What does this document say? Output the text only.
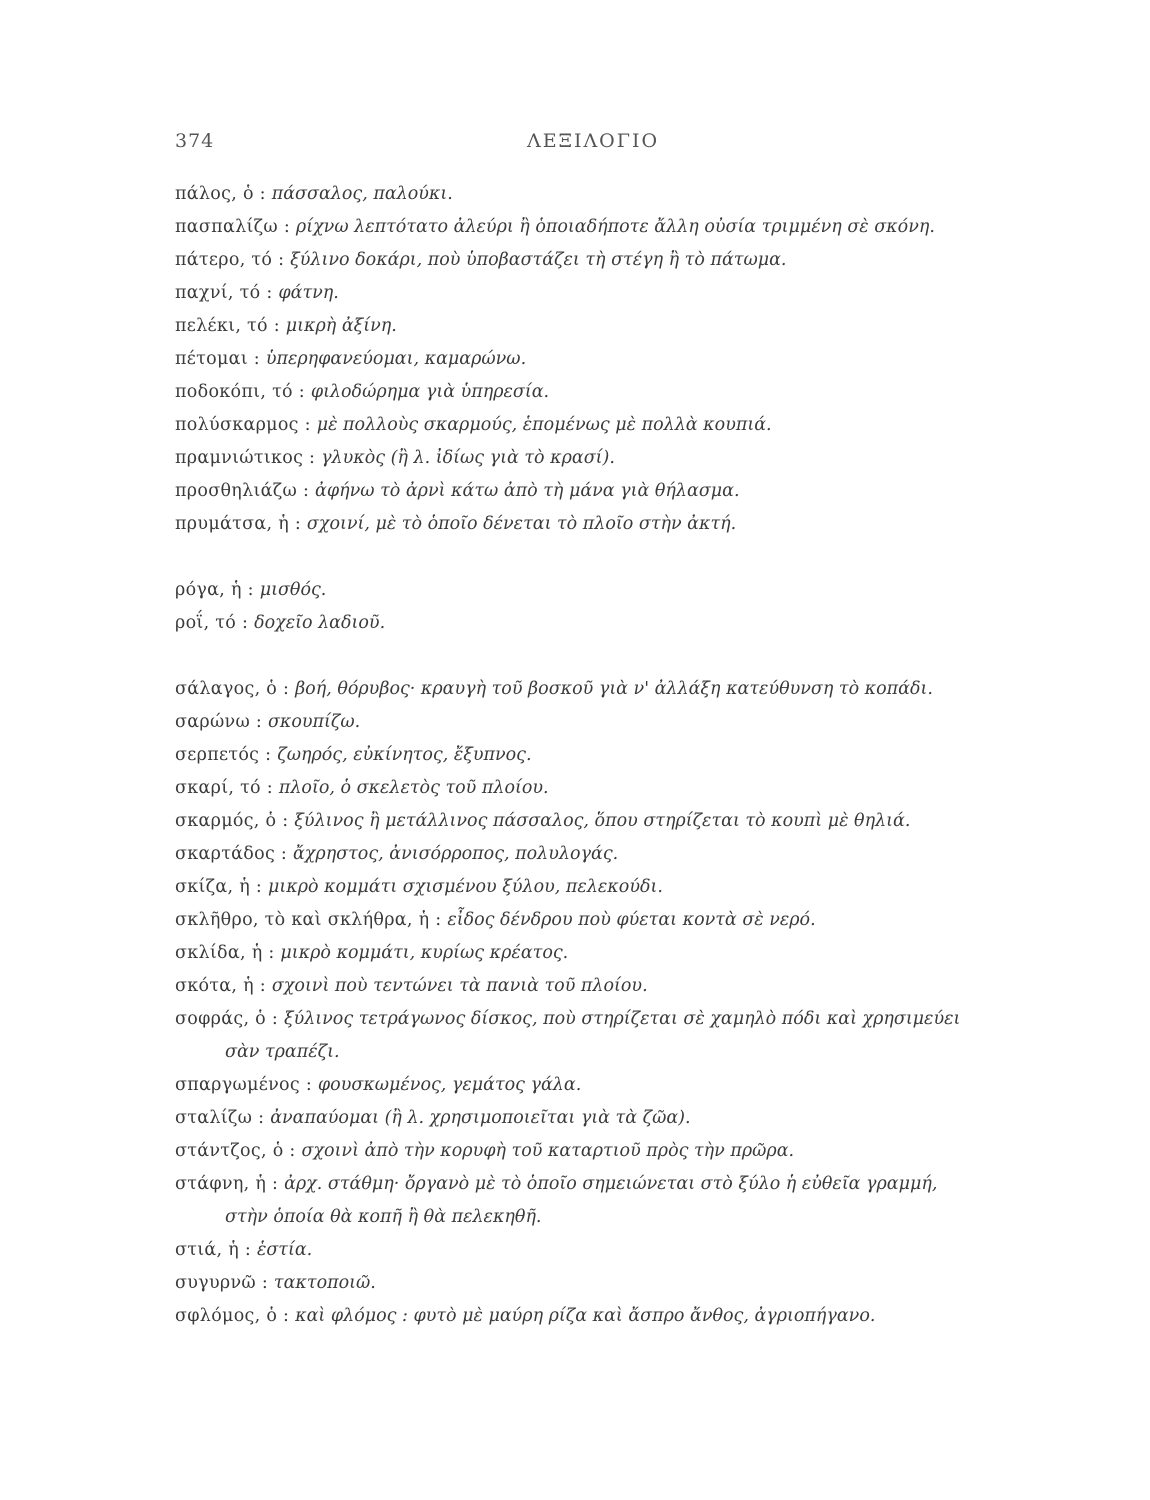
374	ΛΕΞΙΛΟΓΙΟ
πάλος, ὁ : πάσσαλος, παλούκι.
πασπαλίζω : ρίχνω λεπτότατο ἀλεύρι ἢ ὁποιαδήποτε ἄλλη οὐσία τριμμένη σὲ σκόνη.
πάτερο, τό : ξύλινο δοκάρι, ποὺ ὑποβαστάζει τὴ στέγη ἢ τὸ πάτωμα.
παχνί, τό : φάτνη.
πελέκι, τό : μικρὴ ἀξίνη.
πέτομαι : ὑπερηφανεύομαι, καμαρώνω.
ποδοκόπι, τό : φιλοδώρημα γιὰ ὑπηρεσία.
πολύσκαρμος : μὲ πολλοὺς σκαρμούς, ἑπομένως μὲ πολλὰ κουπιά.
πραμνιώτικος : γλυκὸς (ἢ λ. ἰδίως γιὰ τὸ κρασί).
προσθηλιάζω : ἀφήνω τὸ ἀρνὶ κάτω ἀπὸ τὴ μάνα γιὰ θήλασμα.
πρυμάτσα, ἡ : σχοινί, μὲ τὸ ὁποῖο δένεται τὸ πλοῖο στὴν ἀκτή.
ρόγα, ἡ : μισθός.
ροΐ, τό : δοχεῖο λαδιοῦ.
σάλαγος, ὁ : βοή, θόρυβος· κραυγὴ τοῦ βοσκοῦ γιὰ ν' ἀλλάξη κατεύθυνση τὸ κοπάδι.
σαρώνω : σκουπίζω.
σερπετός : ζωηρός, εὐκίνητος, ἔξυπνος.
σκαρί, τό : πλοῖο, ὁ σκελετὸς τοῦ πλοίου.
σκαρμός, ὁ : ξύλινος ἢ μετάλλινος πάσσαλος, ὅπου στηρίζεται τὸ κουπὶ μὲ θηλιά.
σκαρτάδος : ἄχρηστος, ἀνισόρροπος, πολυλογάς.
σκίζα, ἡ : μικρὸ κομμάτι σχισμένου ξύλου, πελεκούδι.
σκλῆθρο, τὸ καὶ σκλήθρα, ἡ : εἶδος δένδρου ποὺ φύεται κοντὰ σὲ νερό.
σκλίδα, ἡ : μικρὸ κομμάτι, κυρίως κρέατος.
σκότα, ἡ : σχοινὶ ποὺ τεντώνει τὰ πανιὰ τοῦ πλοίου.
σοφράς, ὁ : ξύλινος τετράγωνος δίσκος, ποὺ στηρίζεται σὲ χαμηλὸ πόδι καὶ χρησιμεύει
σὰν τραπέζι.
σπαργωμένος : φουσκωμένος, γεμάτος γάλα.
σταλίζω : ἀναπαύομαι (ἢ λ. χρησιμοποιεῖται γιὰ τὰ ζῶα).
στάντζος, ὁ : σχοινὶ ἀπὸ τὴν κορυφὴ τοῦ καταρτιοῦ πρὸς τὴν πρῶρα.
στάφνη, ἡ : ἀρχ. στάθμη· ὄργανὸ μὲ τὸ ὁποῖο σημειώνεται στὸ ξύλο ἡ εὐθεῖα γραμμή,
στὴν ὁποία θὰ κοπῆ ἢ θὰ πελεκηθῆ.
στιά, ἡ : ἑστία.
συγυρνῶ : τακτοποιῶ.
σφλόμος, ὁ : καὶ φλόμος : φυτὸ μὲ μαύρη ρίζα καὶ ἄσπρο ἄνθος, ἀγριοπήγανο.
